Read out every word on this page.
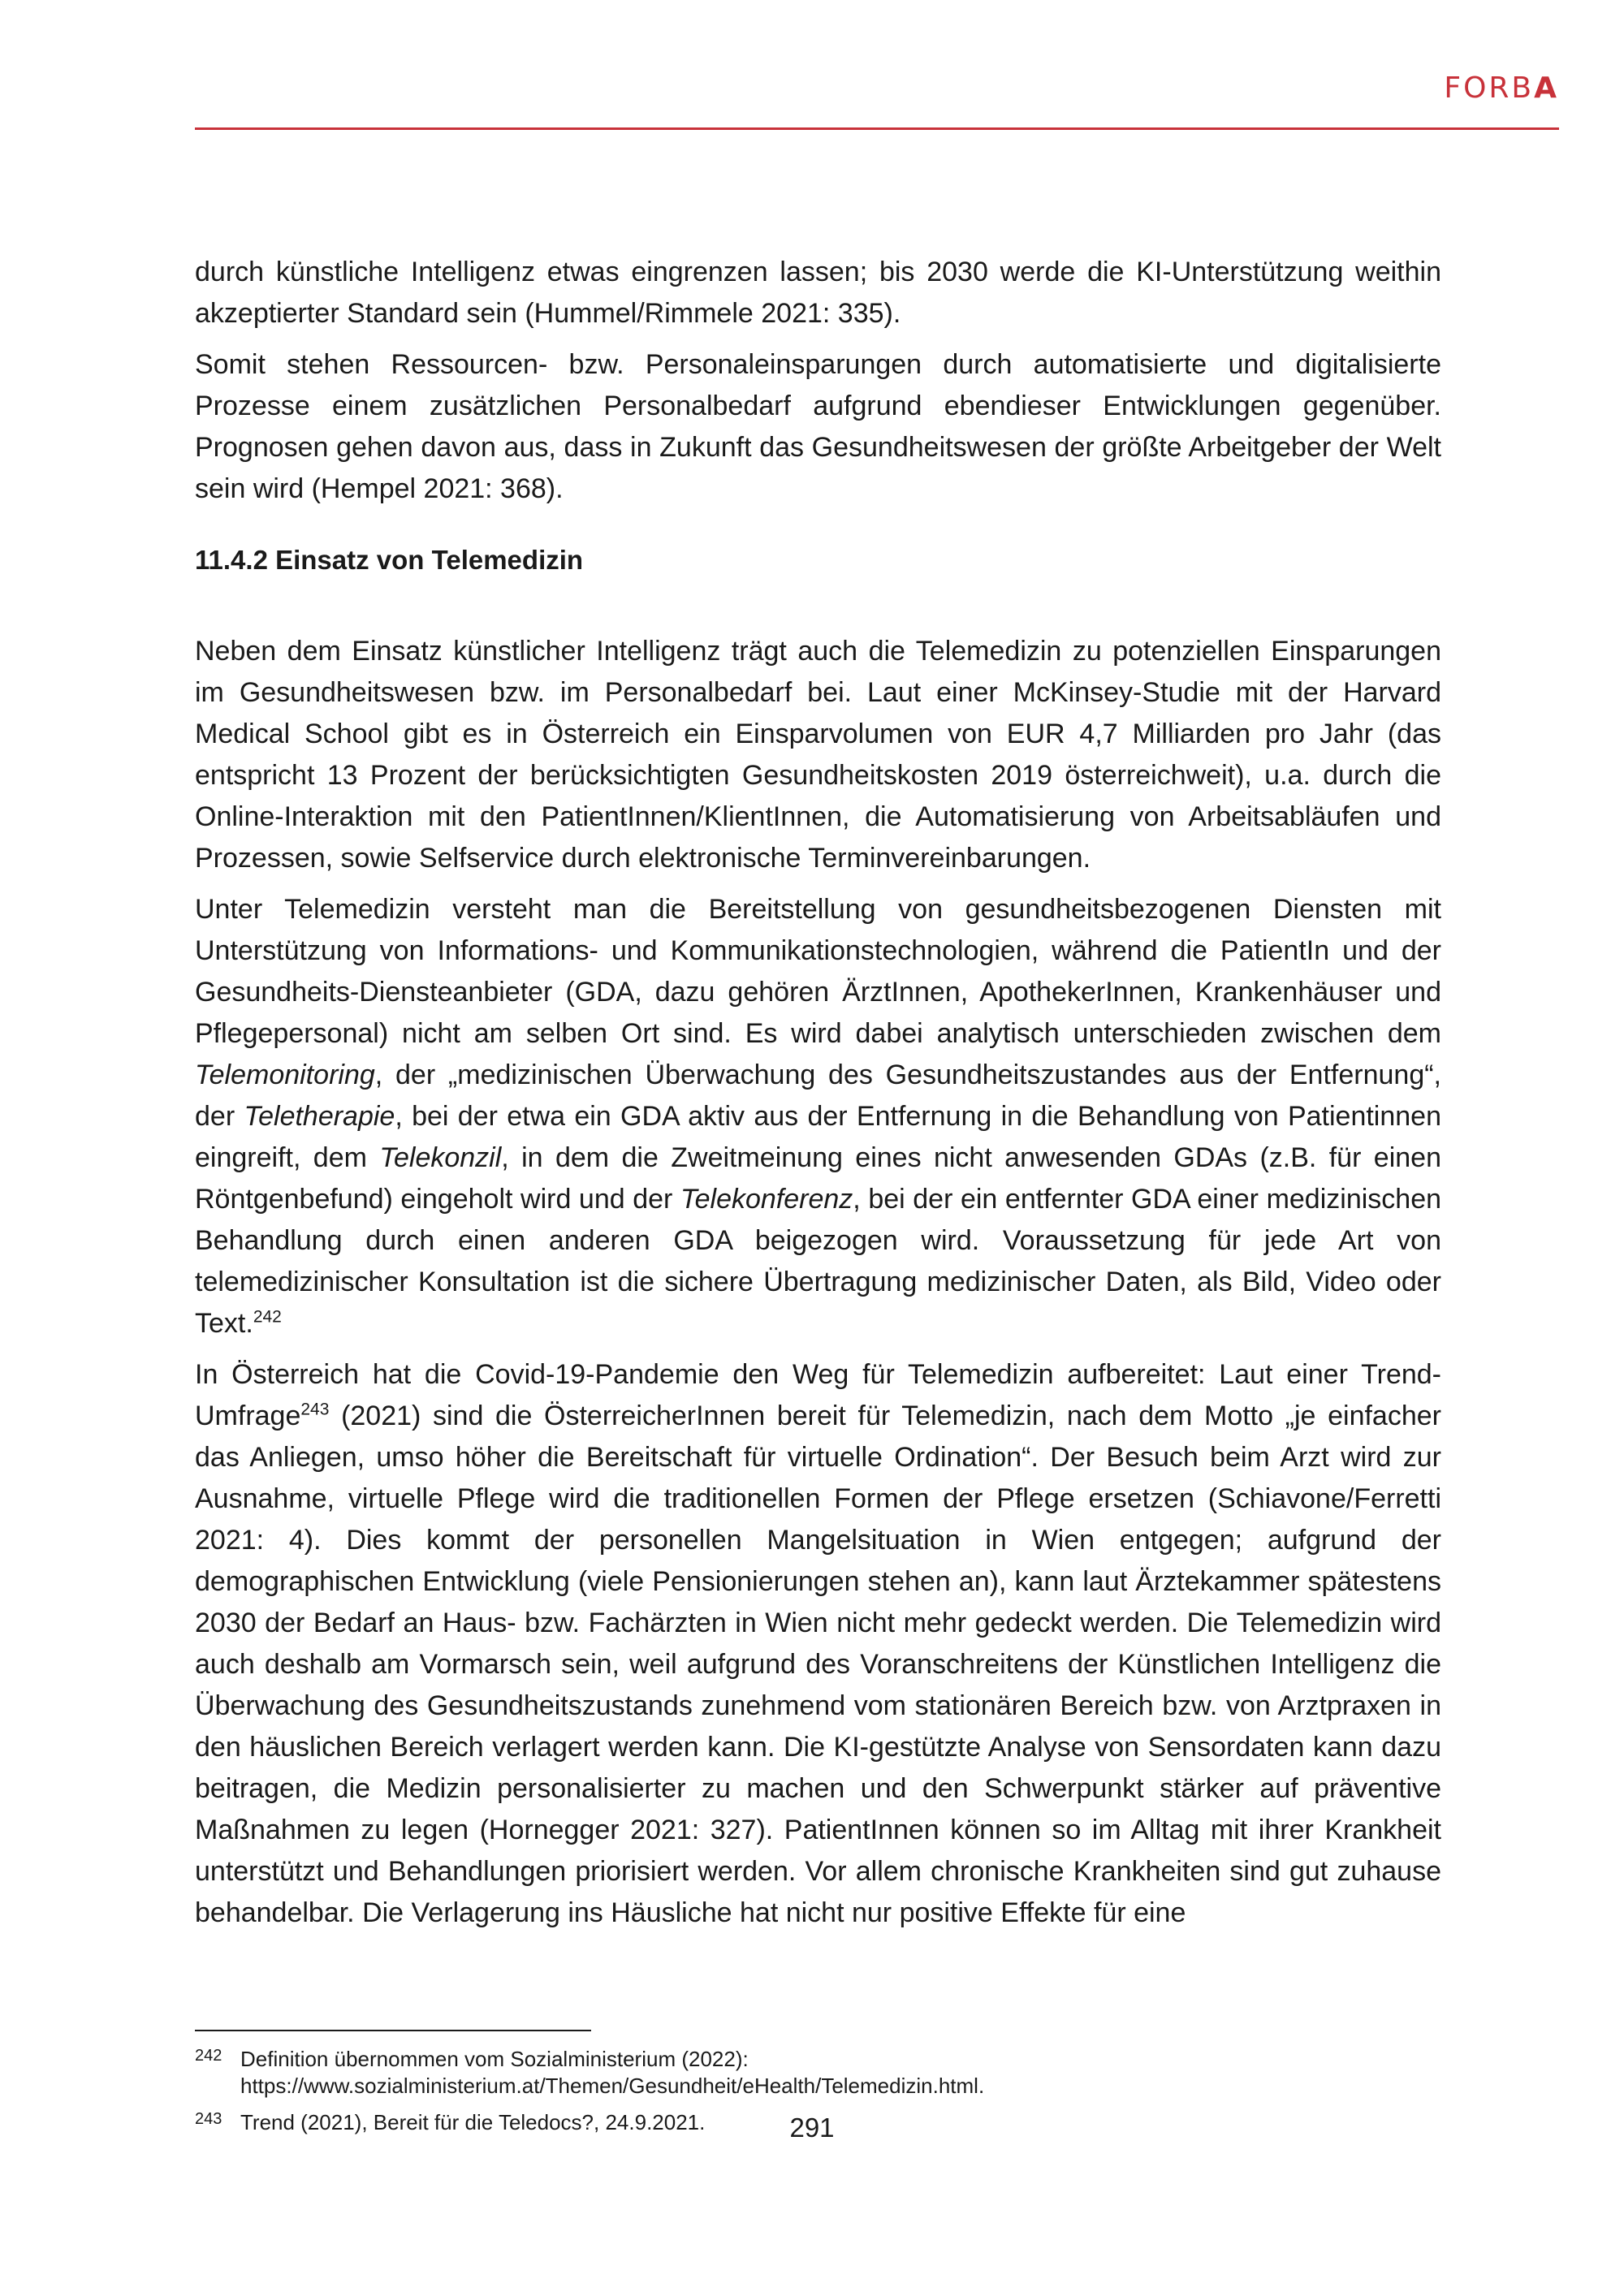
FORBA

durch künstliche Intelligenz etwas eingrenzen lassen; bis 2030 werde die KI-Unterstützung weithin akzeptierter Standard sein (Hummel/Rimmele 2021: 335).

Somit stehen Ressourcen- bzw. Personaleinsparungen durch automatisierte und digitalisierte Prozesse einem zusätzlichen Personalbedarf aufgrund ebendieser Entwicklungen gegenüber. Prognosen gehen davon aus, dass in Zukunft das Gesundheitswesen der größte Arbeitgeber der Welt sein wird (Hempel 2021: 368).

11.4.2 Einsatz von Telemedizin

Neben dem Einsatz künstlicher Intelligenz trägt auch die Telemedizin zu potenziellen Einsparungen im Gesundheitswesen bzw. im Personalbedarf bei. Laut einer McKinsey-Studie mit der Harvard Medical School gibt es in Österreich ein Einsparvolumen von EUR 4,7 Milliarden pro Jahr (das entspricht 13 Prozent der berücksichtigten Gesundheitskosten 2019 österreichweit), u.a. durch die Online-Interaktion mit den PatientInnen/KlientInnen, die Automatisierung von Arbeitsabläufen und Prozessen, sowie Selfservice durch elektronische Terminvereinbarungen.

Unter Telemedizin versteht man die Bereitstellung von gesundheitsbezogenen Diensten mit Unterstützung von Informations- und Kommunikationstechnologien, während die PatientIn und der Gesundheits-Diensteanbieter (GDA, dazu gehören ÄrztInnen, ApothekerInnen, Krankenhäuser und Pflegepersonal) nicht am selben Ort sind. Es wird dabei analytisch unterschieden zwischen dem Telemonitoring, der „medizinischen Überwachung des Gesundheitszustandes aus der Entfernung“, der Teletherapie, bei der etwa ein GDA aktiv aus der Entfernung in die Behandlung von Patientinnen eingreift, dem Telekonzil, in dem die Zweitmeinung eines nicht anwesenden GDAs (z.B. für einen Röntgenbefund) eingeholt wird und der Telekonferenz, bei der ein entfernter GDA einer medizinischen Behandlung durch einen anderen GDA beigezogen wird. Voraussetzung für jede Art von telemedizinischer Konsultation ist die sichere Übertragung medizinischer Daten, als Bild, Video oder Text.$^{242}$

In Österreich hat die Covid-19-Pandemie den Weg für Telemedizin aufbereitet: Laut einer Trend-Umfrage$^{243}$ (2021) sind die ÖsterreicherInnen bereit für Telemedizin, nach dem Motto „je einfacher das Anliegen, umso höher die Bereitschaft für virtuelle Ordination“. Der Besuch beim Arzt wird zur Ausnahme, virtuelle Pflege wird die traditionellen Formen der Pflege ersetzen (Schiavone/Ferretti 2021: 4). Dies kommt der personellen Mangelsituation in Wien entgegen; aufgrund der demographischen Entwicklung (viele Pensionierungen stehen an), kann laut Ärztekammer spätestens 2030 der Bedarf an Haus- bzw. Fachärzten in Wien nicht mehr gedeckt werden. Die Telemedizin wird auch deshalb am Vormarsch sein, weil aufgrund des Voranschreitens der Künstlichen Intelligenz die Überwachung des Gesundheitszustands zunehmend vom stationären Bereich bzw. von Arztpraxen in den häuslichen Bereich verlagert werden kann. Die KI-gestützte Analyse von Sensordaten kann dazu beitragen, die Medizin personalisierter zu machen und den Schwerpunkt stärker auf präventive Maßnahmen zu legen (Hornegger 2021: 327). PatientInnen können so im Alltag mit ihrer Krankheit unterstützt und Behandlungen priorisiert werden. Vor allem chronische Krankheiten sind gut zuhause behandelbar. Die Verlagerung ins Häusliche hat nicht nur positive Effekte für eine

242 Definition übernommen vom Sozialministerium (2022): https://www.sozialministerium.at/Themen/Gesundheit/eHealth/Telemedizin.html.
243 Trend (2021), Bereit für die Teledocs?, 24.9.2021.	291
